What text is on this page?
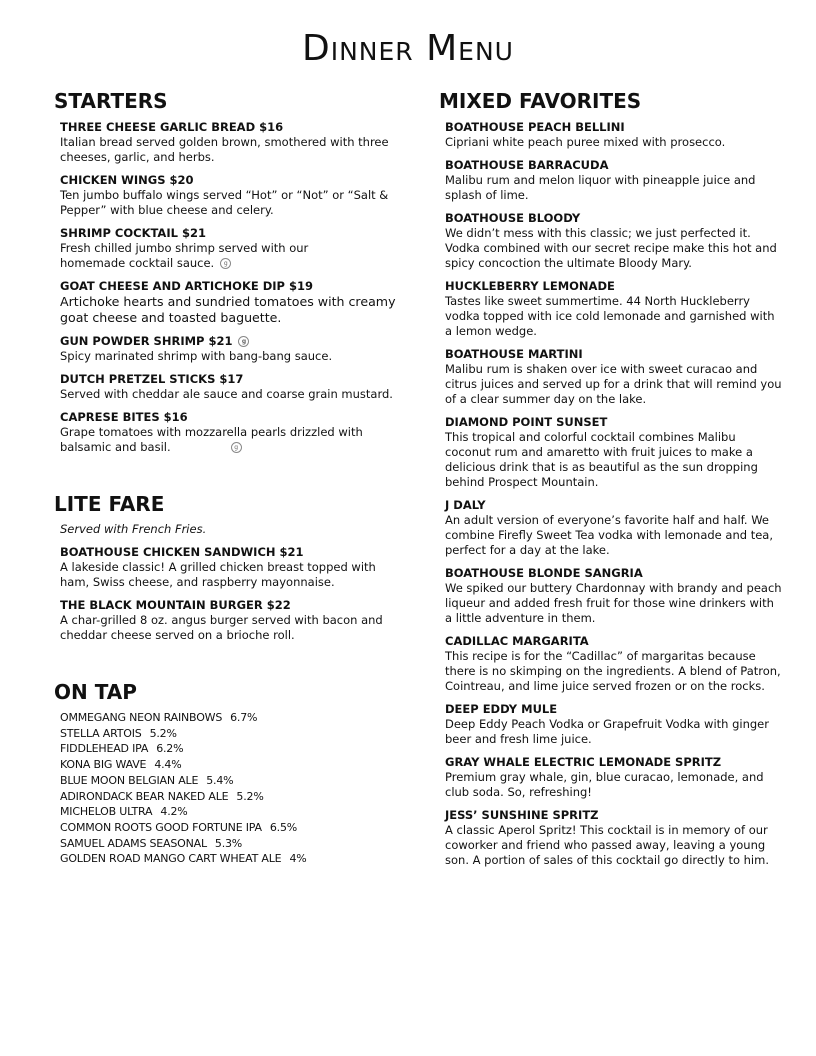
Dinner Menu
STARTERS
THREE CHEESE GARLIC BREAD $16
Italian bread served golden brown, smothered with three cheeses, garlic, and herbs.
CHICKEN WINGS $20
Ten jumbo buffalo wings served “Hot” or “Not” or “Salt & Pepper” with blue cheese and celery.
SHRIMP COCKTAIL $21
Fresh chilled jumbo shrimp served with our homemade cocktail sauce. g
GOAT CHEESE AND ARTICHOKE DIP $19
Artichoke hearts and sundried tomatoes with creamy goat cheese and toasted baguette.
GUN POWDER SHRIMP $21 g
Spicy marinated shrimp with bang-bang sauce.
DUTCH PRETZEL STICKS $17
Served with cheddar ale sauce and coarse grain mustard.
CAPRESE BITES $16
Grape tomatoes with mozzarella pearls drizzled with balsamic and basil.	g
LITE FARE
Served with French Fries.
BOATHOUSE CHICKEN SANDWICH $21
A lakeside classic! A grilled chicken breast topped with ham, Swiss cheese, and raspberry mayonnaise.
THE BLACK MOUNTAIN BURGER $22
A char-grilled 8 oz. angus burger served with bacon and cheddar cheese served on a brioche roll.
ON TAP
OMMEGANG NEON RAINBOWS 6.7%
STELLA ARTOIS 5.2%
FIDDLEHEAD IPA 6.2%
KONA BIG WAVE 4.4%
BLUE MOON BELGIAN ALE 5.4%
ADIRONDACK BEAR NAKED ALE 5.2%
MICHELOB ULTRA 4.2%
COMMON ROOTS GOOD FORTUNE IPA 6.5%
SAMUEL ADAMS SEASONAL 5.3%
GOLDEN ROAD MANGO CART WHEAT ALE 4%
MIXED FAVORITES
BOATHOUSE PEACH BELLINI
Cipriani white peach puree mixed with prosecco.
BOATHOUSE BARRACUDA
Malibu rum and melon liquor with pineapple juice and splash of lime.
BOATHOUSE BLOODY
We didn’t mess with this classic; we just perfected it. Vodka combined with our secret recipe make this hot and spicy concoction the ultimate Bloody Mary.
HUCKLEBERRY LEMONADE
Tastes like sweet summertime. 44 North Huckleberry vodka topped with ice cold lemonade and garnished with a lemon wedge.
BOATHOUSE MARTINI
Malibu rum is shaken over ice with sweet curacao and citrus juices and served up for a drink that will remind you of a clear summer day on the lake.
DIAMOND POINT SUNSET
This tropical and colorful cocktail combines Malibu coconut rum and amaretto with fruit juices to make a delicious drink that is as beautiful as the sun dropping behind Prospect Mountain.
J DALY
An adult version of everyone’s favorite half and half. We combine Firefly Sweet Tea vodka with lemonade and tea, perfect for a day at the lake.
BOATHOUSE BLONDE SANGRIA
We spiked our buttery Chardonnay with brandy and peach liqueur and added fresh fruit for those wine drinkers with a little adventure in them.
CADILLAC MARGARITA
This recipe is for the “Cadillac” of margaritas because there is no skimping on the ingredients. A blend of Patron, Cointreau, and lime juice served frozen or on the rocks.
DEEP EDDY MULE
Deep Eddy Peach Vodka or Grapefruit Vodka with ginger beer and fresh lime juice.
GRAY WHALE ELECTRIC LEMONADE SPRITZ
Premium gray whale, gin, blue curacao, lemonade, and club soda. So, refreshing!
JESS’ SUNSHINE SPRITZ
A classic Aperol Spritz! This cocktail is in memory of our coworker and friend who passed away, leaving a young son. A portion of sales of this cocktail go directly to him.
